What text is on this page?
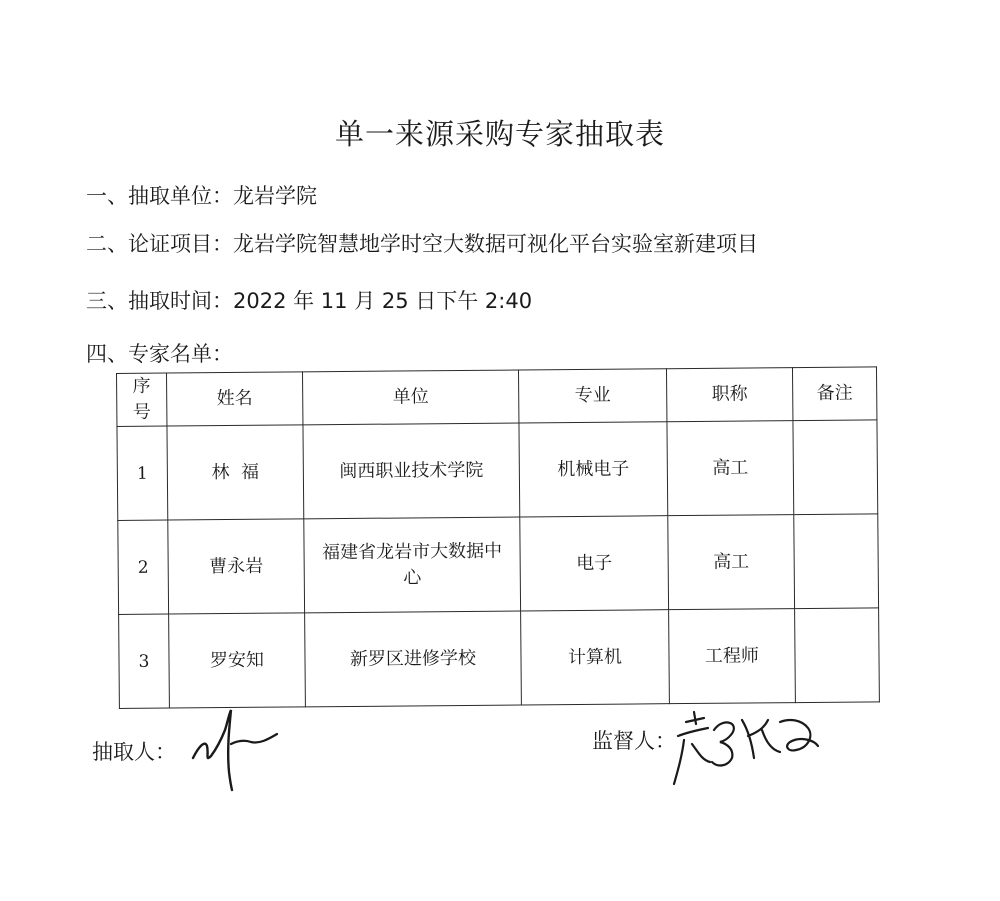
单一来源采购专家抽取表
一、抽取单位：龙岩学院
二、论证项目：龙岩学院智慧地学时空大数据可视化平台实验室新建项目
三、抽取时间：2022 年 11 月 25 日下午 2:40
四、专家名单：
序
号	姓名	单位	专业	职称	备注
1	林  福	闽西职业技术学院	机械电子	高工	
2	曹永岩	福建省龙岩市大数据中心	电子	高工	
3	罗安知	新罗区进修学校	计算机	工程师	
抽取人：	监督人：
